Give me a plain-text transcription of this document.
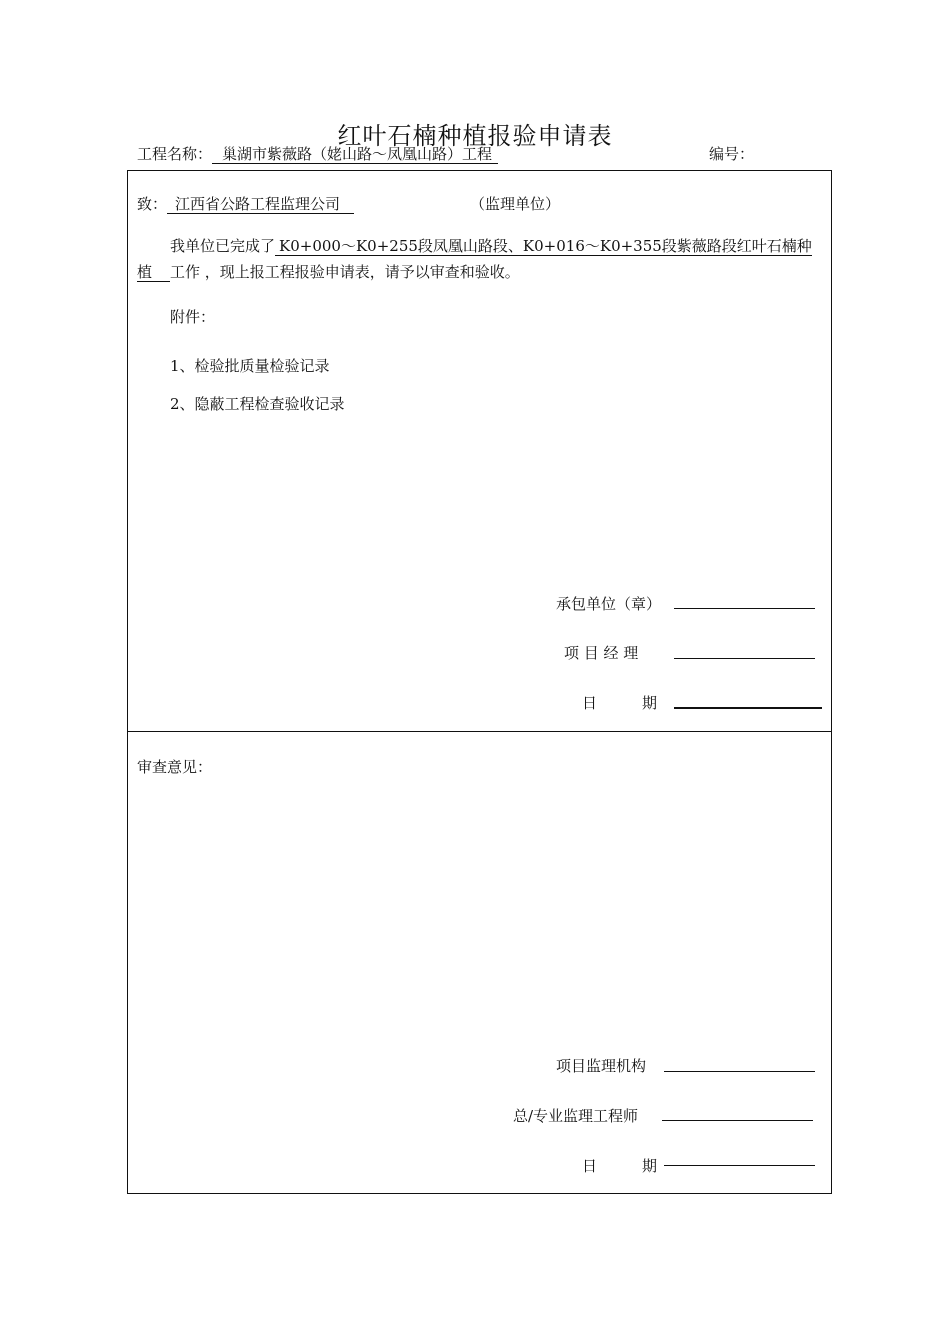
红叶石楠种植报验申请表
工程名称： 巢湖市紫薇路（姥山路～凤凰山路）工程	编号：
致： 江西省公路工程监理公司	（监理单位）
我单位已完成了 K0+000～K0+255段凤凰山路段、K0+016～K0+355段紫薇路段红叶石楠种
植 工作 ，现上报工程报验申请表，请予以审查和验收。
附件：
1、检验批质量检验记录
2、隐蔽工程检查验收记录
承包单位（章）
项 目 经 理
日　　　期
审查意见：
项目监理机构
总/专业监理工程师
日　　　期
